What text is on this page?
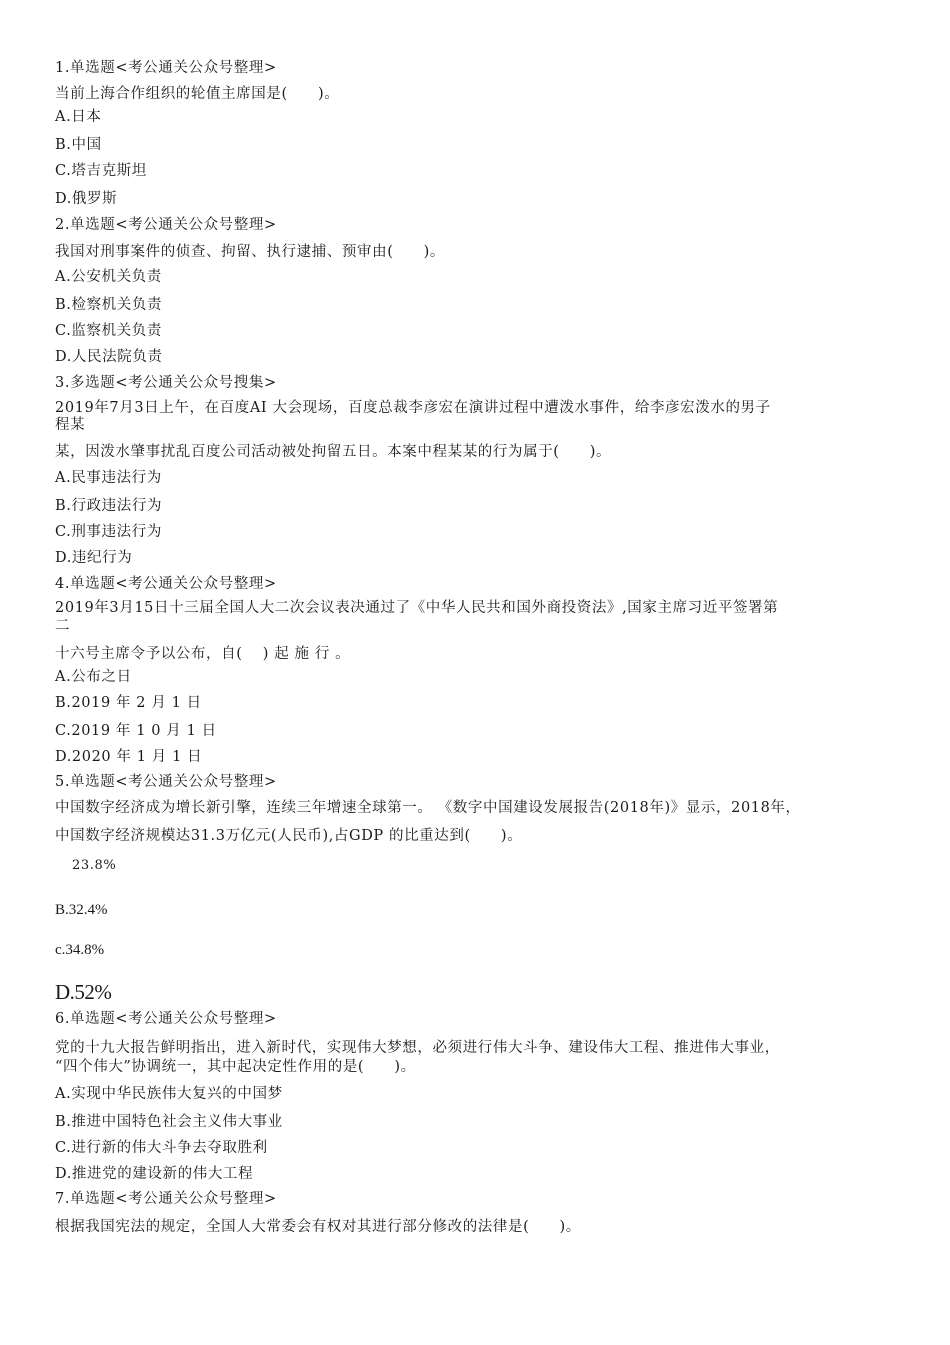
1.单选题<考公通关公众号整理>
当前上海合作组织的轮值主席国是(　　)。
A.日本
B.中国
C.塔吉克斯坦
D.俄罗斯
2.单选题<考公通关公众号整理>
我国对刑事案件的侦查、拘留、执行逮捕、预审由(　　)。
A.公安机关负责
B.检察机关负责
C.监察机关负责
D.人民法院负责
3.多选题<考公通关公众号搜集>
2019年7月3日上午，在百度AI 大会现场，百度总裁李彦宏在演讲过程中遭泼水事件，给李彦宏泼水的男子
程某
某，因泼水肇事扰乱百度公司活动被处拘留五日。本案中程某某的行为属于(　　)。
A.民事违法行为
B.行政违法行为
C.刑事违法行为
D.违纪行为
4.单选题<考公通关公众号整理>
2019年3月15日十三届全国人大二次会议表决通过了《中华人民共和国外商投资法》,国家主席习近平签署第
二
十六号主席令予以公布，自(　 ) 起 施 行 。
A.公布之日
B.2019 年 2 月 1 日
C.2019 年 1 0 月 1 日
D.2020 年 1 月 1 日
5.单选题<考公通关公众号整理>
中国数字经济成为增长新引擎，连续三年增速全球第一。 《数字中国建设发展报告(2018年)》显示，2018年，
中国数字经济规模达31.3万亿元(人民币),占GDP 的比重达到(　　)。
23.8%
B.32.4%
c.34.8%
D.52%
6.单选题<考公通关公众号整理>
党的十九大报告鲜明指出，进入新时代，实现伟大梦想，必须进行伟大斗争、建设伟大工程、推进伟大事业，
“四个伟大”协调统一，其中起决定性作用的是(　　)。
A.实现中华民族伟大复兴的中国梦
B.推进中国特色社会主义伟大事业
C.进行新的伟大斗争去夺取胜利
D.推进党的建设新的伟大工程
7.单选题<考公通关公众号整理>
根据我国宪法的规定，全国人大常委会有权对其进行部分修改的法律是(　　)。
